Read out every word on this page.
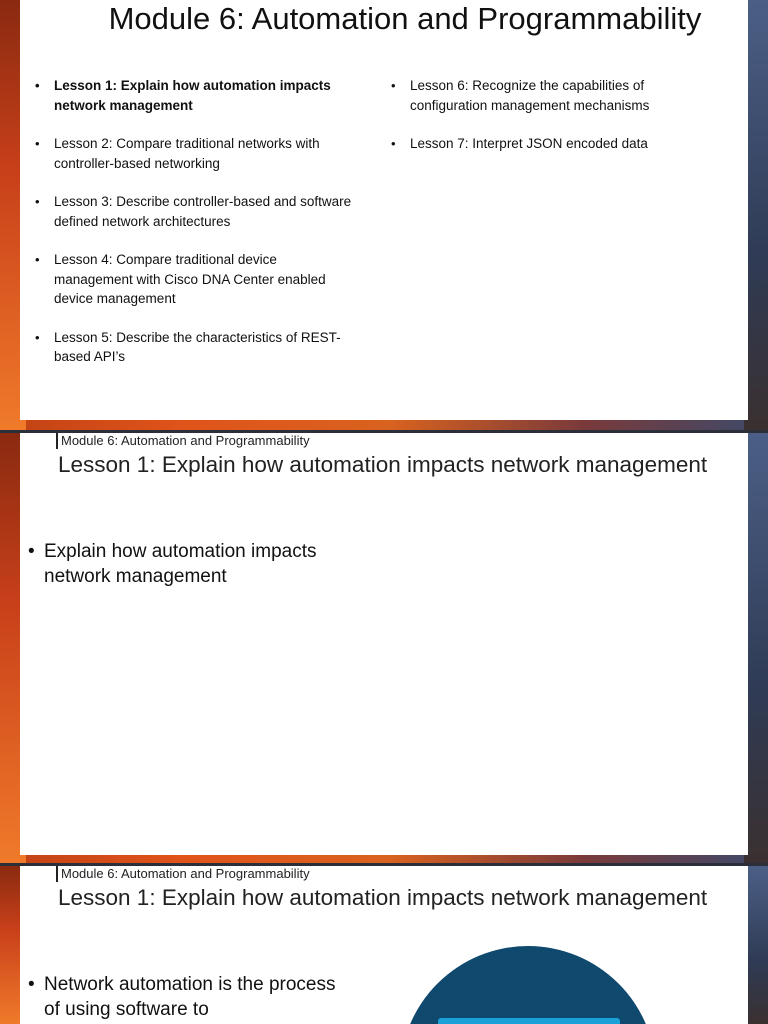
Module 6: Automation and Programmability
• Lesson 1: Explain how automation impacts network management
• Lesson 2: Compare traditional networks with controller-based networking
• Lesson 3: Describe controller-based and software defined network architectures
• Lesson 4: Compare traditional device management with Cisco DNA Center enabled device management
• Lesson 5: Describe the characteristics of REST-based API’s
• Lesson 6: Recognize the capabilities of configuration management mechanisms
• Lesson 7: Interpret JSON encoded data
Module 6: Automation and Programmability
Lesson 1: Explain how automation impacts network management
• Explain how automation impacts network management
Module 6: Automation and Programmability
Lesson 1: Explain how automation impacts network management
• Network automation is the process of using software to
